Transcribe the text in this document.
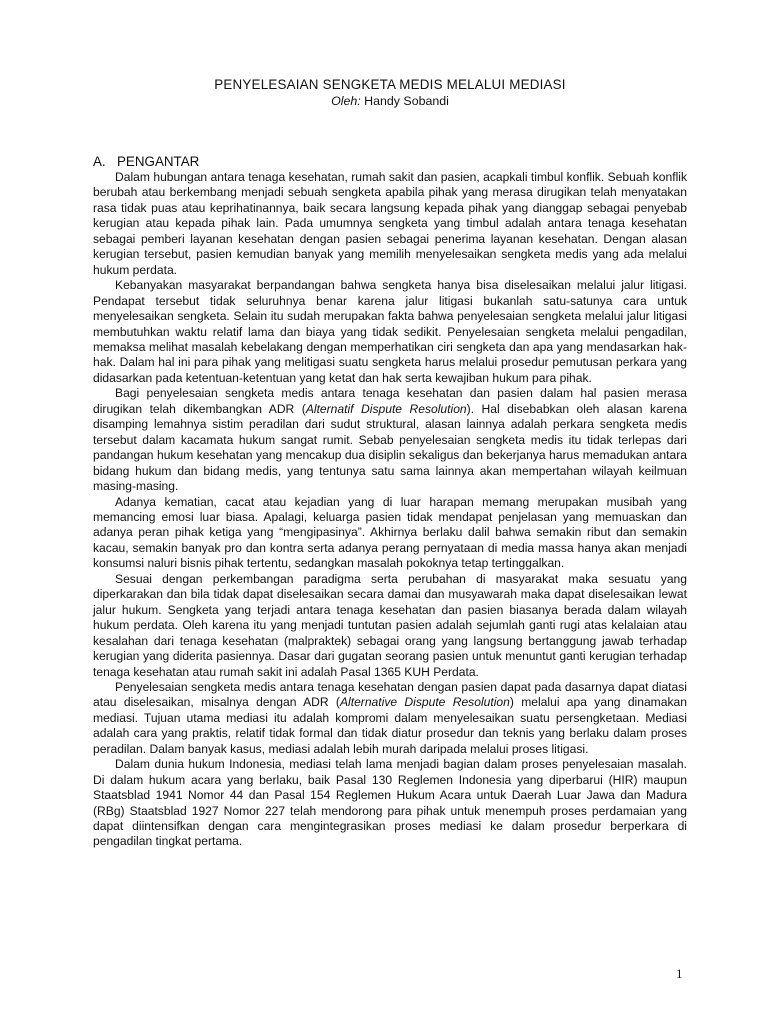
PENYELESAIAN SENGKETA MEDIS MELALUI MEDIASI
Oleh: Handy Sobandi
A. PENGANTAR

Dalam hubungan antara tenaga kesehatan, rumah sakit dan pasien, acapkali timbul konflik. Sebuah konflik berubah atau berkembang menjadi sebuah sengketa apabila pihak yang merasa dirugikan telah menyatakan rasa tidak puas atau keprihatinannya, baik secara langsung kepada pihak yang dianggap sebagai penyebab kerugian atau kepada pihak lain. Pada umumnya sengketa yang timbul adalah antara tenaga kesehatan sebagai pemberi layanan kesehatan dengan pasien sebagai penerima layanan kesehatan. Dengan alasan kerugian tersebut, pasien kemudian banyak yang memilih menyelesaikan sengketa medis yang ada melalui hukum perdata.

Kebanyakan masyarakat berpandangan bahwa sengketa hanya bisa diselesaikan melalui jalur litigasi. Pendapat tersebut tidak seluruhnya benar karena jalur litigasi bukanlah satu-satunya cara untuk menyelesaikan sengketa. Selain itu sudah merupakan fakta bahwa penyelesaian sengketa melalui jalur litigasi membutuhkan waktu relatif lama dan biaya yang tidak sedikit. Penyelesaian sengketa melalui pengadilan, memaksa melihat masalah kebelakang dengan memperhatikan ciri sengketa dan apa yang mendasarkan hak-hak. Dalam hal ini para pihak yang melitigasi suatu sengketa harus melalui prosedur pemutusan perkara yang didasarkan pada ketentuan-ketentuan yang ketat dan hak serta kewajiban hukum para pihak.

Bagi penyelesaian sengketa medis antara tenaga kesehatan dan pasien dalam hal pasien merasa dirugikan telah dikembangkan ADR (Alternatif Dispute Resolution). Hal disebabkan oleh alasan karena disamping lemahnya sistim peradilan dari sudut struktural, alasan lainnya adalah perkara sengketa medis tersebut dalam kacamata hukum sangat rumit. Sebab penyelesaian sengketa medis itu tidak terlepas dari pandangan hukum kesehatan yang mencakup dua disiplin sekaligus dan bekerjanya harus memadukan antara bidang hukum dan bidang medis, yang tentunya satu sama lainnya akan mempertahan wilayah keilmuan masing-masing.

Adanya kematian, cacat atau kejadian yang di luar harapan memang merupakan musibah yang memancing emosi luar biasa. Apalagi, keluarga pasien tidak mendapat penjelasan yang memuaskan dan adanya peran pihak ketiga yang “mengipasinya”. Akhirnya berlaku dalil bahwa semakin ribut dan semakin kacau, semakin banyak pro dan kontra serta adanya perang pernyataan di media massa hanya akan menjadi konsumsi naluri bisnis pihak tertentu, sedangkan masalah pokoknya tetap tertinggalkan.

Sesuai dengan perkembangan paradigma serta perubahan di masyarakat maka sesuatu yang diperkarakan dan bila tidak dapat diselesaikan secara damai dan musyawarah maka dapat diselesaikan lewat jalur hukum. Sengketa yang terjadi antara tenaga kesehatan dan pasien biasanya berada dalam wilayah hukum perdata. Oleh karena itu yang menjadi tuntutan pasien adalah sejumlah ganti rugi atas kelalaian atau kesalahan dari tenaga kesehatan (malpraktek) sebagai orang yang langsung bertanggung jawab terhadap kerugian yang diderita pasiennya. Dasar dari gugatan seorang pasien untuk menuntut ganti kerugian terhadap tenaga kesehatan atau rumah sakit ini adalah Pasal 1365 KUH Perdata.

Penyelesaian sengketa medis antara tenaga kesehatan dengan pasien dapat pada dasarnya dapat diatasi atau diselesaikan, misalnya dengan ADR (Alternative Dispute Resolution) melalui apa yang dinamakan mediasi. Tujuan utama mediasi itu adalah kompromi dalam menyelesaikan suatu persengketaan. Mediasi adalah cara yang praktis, relatif tidak formal dan tidak diatur prosedur dan teknis yang berlaku dalam proses peradilan. Dalam banyak kasus, mediasi adalah lebih murah daripada melalui proses litigasi.

Dalam dunia hukum Indonesia, mediasi telah lama menjadi bagian dalam proses penyelesaian masalah. Di dalam hukum acara yang berlaku, baik Pasal 130 Reglemen Indonesia yang diperbarui (HIR) maupun Staatsblad 1941 Nomor 44 dan Pasal 154 Reglemen Hukum Acara untuk Daerah Luar Jawa dan Madura (RBg) Staatsblad 1927 Nomor 227 telah mendorong para pihak untuk menempuh proses perdamaian yang dapat diintensifkan dengan cara mengintegrasikan proses mediasi ke dalam prosedur berperkara di pengadilan tingkat pertama.

1
